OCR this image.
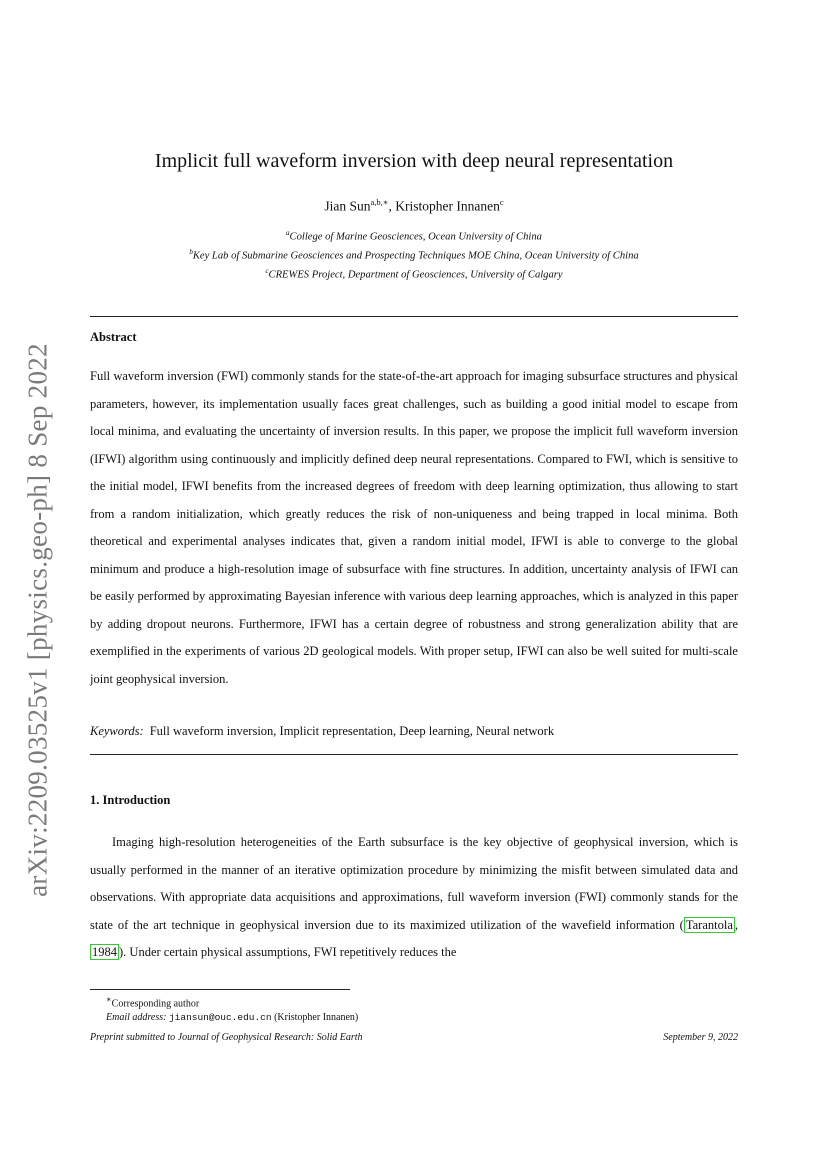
arXiv:2209.03525v1 [physics.geo-ph] 8 Sep 2022
Implicit full waveform inversion with deep neural representation
Jian Sun$^{a,b,∗}$, Kristopher Innanen$^c$
$^a$College of Marine Geosciences, Ocean University of China
$^b$Key Lab of Submarine Geosciences and Prospecting Techniques MOE China, Ocean University of China
$^c$CREWES Project, Department of Geosciences, University of Calgary
Abstract
Full waveform inversion (FWI) commonly stands for the state-of-the-art approach for imaging subsurface structures and physical parameters, however, its implementation usually faces great challenges, such as building a good initial model to escape from local minima, and evaluating the uncertainty of inversion results. In this paper, we propose the implicit full waveform inversion (IFWI) algorithm using continuously and implicitly defined deep neural representations. Compared to FWI, which is sensitive to the initial model, IFWI benefits from the increased degrees of freedom with deep learning optimization, thus allowing to start from a random initialization, which greatly reduces the risk of non-uniqueness and being trapped in local minima. Both theoretical and experimental analyses indicates that, given a random initial model, IFWI is able to converge to the global minimum and produce a high-resolution image of subsurface with fine structures. In addition, uncertainty analysis of IFWI can be easily performed by approximating Bayesian inference with various deep learning approaches, which is analyzed in this paper by adding dropout neurons. Furthermore, IFWI has a certain degree of robustness and strong generalization ability that are exemplified in the experiments of various 2D geological models. With proper setup, IFWI can also be well suited for multi-scale joint geophysical inversion.
Keywords: Full waveform inversion, Implicit representation, Deep learning, Neural network
1. Introduction
Imaging high-resolution heterogeneities of the Earth subsurface is the key objective of geophysical inversion, which is usually performed in the manner of an iterative optimization procedure by minimizing the misfit between simulated data and observations. With appropriate data acquisitions and approximations, full waveform inversion (FWI) commonly stands for the state of the art technique in geophysical inversion due to its maximized utilization of the wavefield information ( Tarantola , 1984 ). Under certain physical assumptions, FWI repetitively reduces the
∗Corresponding author
Email address: jiansun@ouc.edu.cn (Kristopher Innanen)
Preprint submitted to Journal of Geophysical Research: Solid Earth	September 9, 2022
